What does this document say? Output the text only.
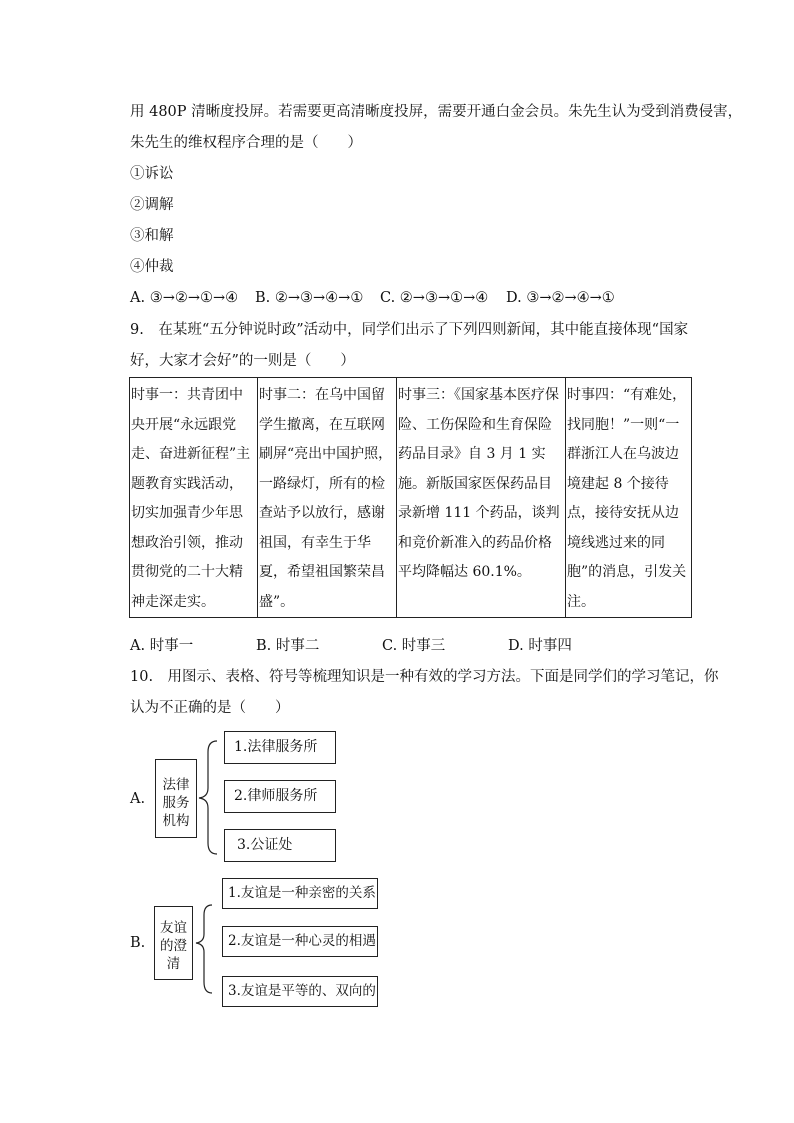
用 480P 清晰度投屏。若需要更高清晰度投屏，需要开通白金会员。朱先生认为受到消费侵害，
朱先生的维权程序合理的是（　　）
①诉讼
②调解
③和解
④仲裁
A. ③→②→①→④ B. ②→③→④→① C. ②→③→①→④ D. ③→②→④→①
9.　在某班“五分钟说时政”活动中，同学们出示了下列四则新闻，其中能直接体现“国家
好，大家才会好”的一则是（　　）
时事一：共青团中央开展“永远跟党走、奋进新征程”主题教育实践活动，切实加强青少年思想政治引领，推动贯彻党的二十大精神走深走实。	时事二：在乌中国留学生撤离，在互联网刷屏“亮出中国护照，一路绿灯，所有的检查站予以放行，感谢祖国，有幸生于华夏，希望祖国繁荣昌盛”。	时事三：《国家基本医疗保险、工伤保险和生育保险药品目录》自 3 月 1 实施。新版国家医保药品目录新增 111 个药品，谈判和竞价新准入的药品价格平均降幅达 60.1%。	时事四：“有难处，找同胞！”一则“一群浙江人在乌波边境建起 8 个接待点，接待安抚从边境线逃过来的同胞”的消息，引发关注。
A. 时事一	B. 时事二	C. 时事三	D. 时事四
10.　用图示、表格、符号等梳理知识是一种有效的学习方法。下面是同学们的学习笔记，你
认为不正确的是（　　）
A.
法律
服务
机构
1.法律服务所
2.律师服务所
3.公证处
B.
友谊
的澄
清
1.友谊是一种亲密的关系
2.友谊是一种心灵的相遇
3.友谊是平等的、双向的
